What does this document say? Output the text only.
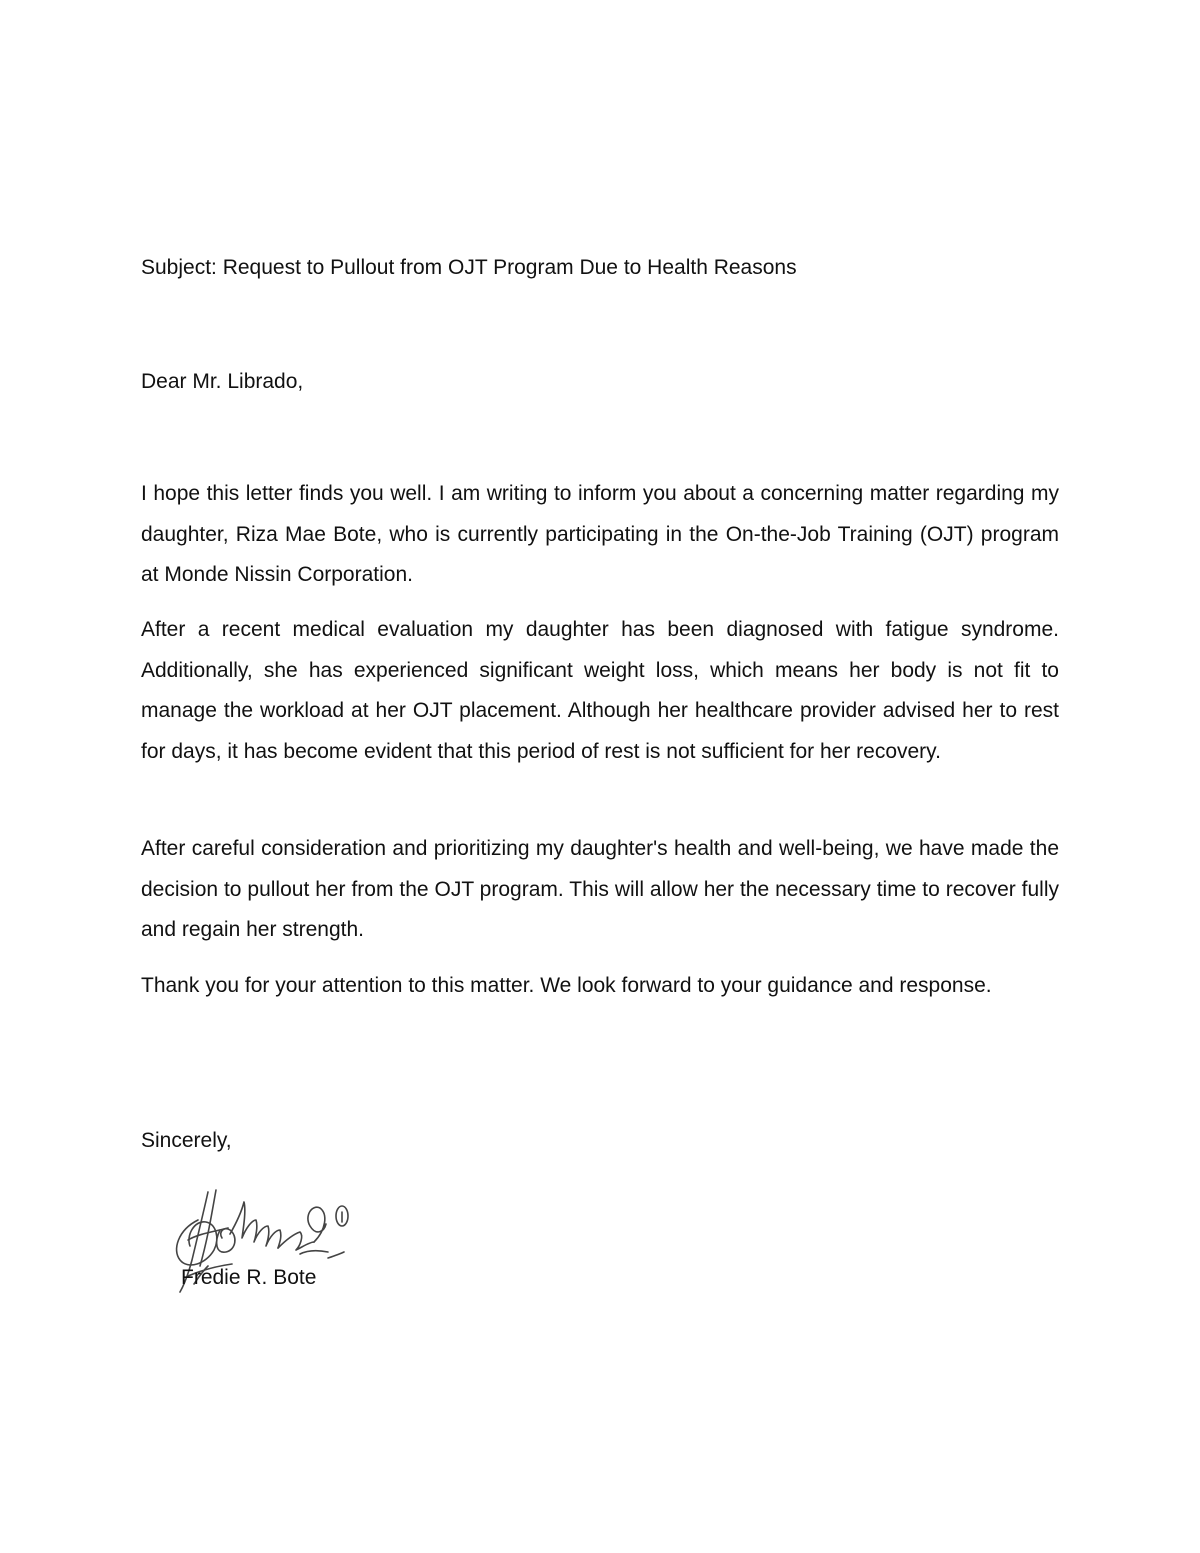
Subject: Request to Pullout from OJT Program Due to Health Reasons
Dear Mr. Librado,

I hope this letter finds you well. I am writing to inform you about a concerning matter regarding my daughter, Riza Mae Bote, who is currently participating in the On-the-Job Training (OJT) program at Monde Nissin Corporation.

After a recent medical evaluation my daughter has been diagnosed with fatigue syndrome. Additionally, she has experienced significant weight loss, which means her body is not fit to manage the workload at her OJT placement. Although her healthcare provider advised her to rest for days, it has become evident that this period of rest is not sufficient for her recovery.

After careful consideration and prioritizing my daughter's health and well-being, we have made the decision to pullout her from the OJT program. This will allow her the necessary time to recover fully and regain her strength.

Thank you for your attention to this matter. We look forward to your guidance and response.

Sincerely,
Fredie R. Bote
